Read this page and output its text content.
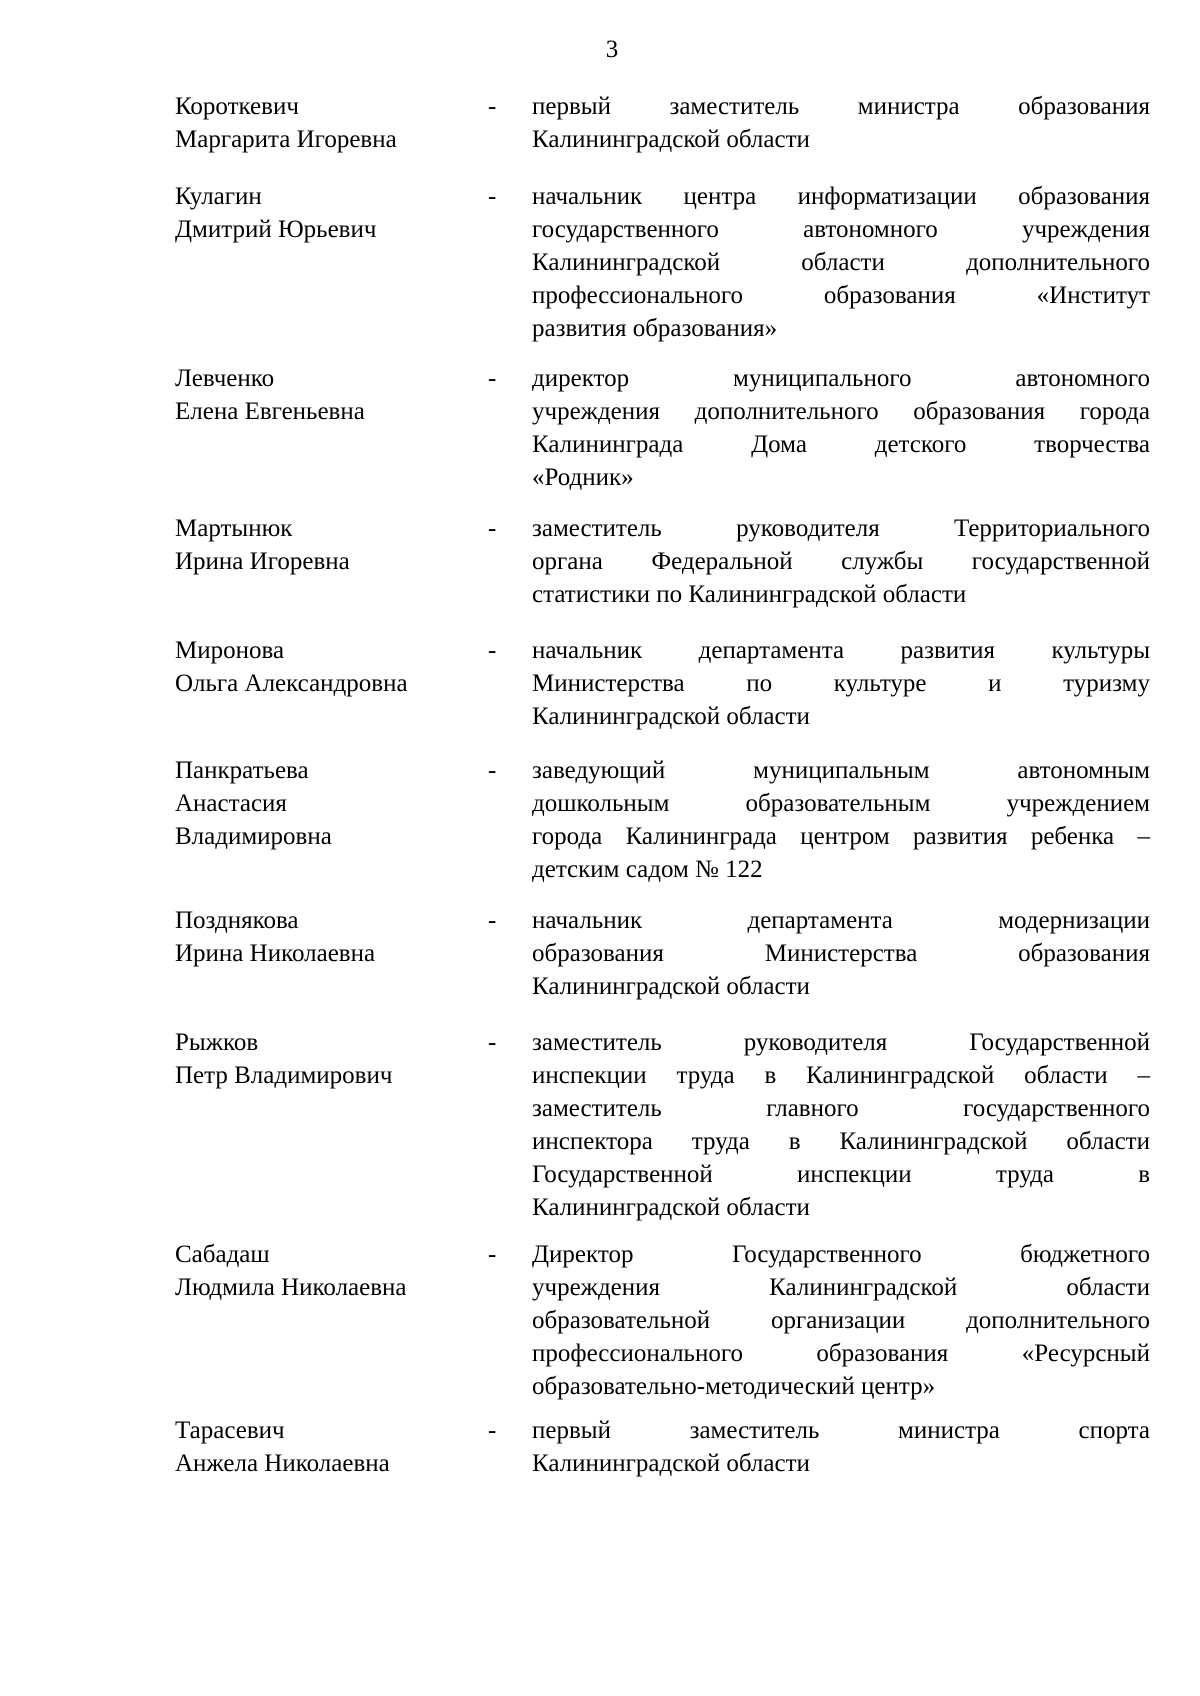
3
Короткевич
Маргарита Игоревна
-	первый заместитель министра образования
Калининградской области
Кулагин
Дмитрий Юрьевич
-	начальник центра информатизации образования
государственного автономного учреждения
Калининградской области дополнительного
профессионального образования «Институт
развития образования»
Левченко
Елена Евгеньевна
-	директор муниципального автономного
учреждения дополнительного образования города
Калининграда Дома детского творчества
«Родник»
Мартынюк
Ирина Игоревна
-	заместитель руководителя Территориального
органа Федеральной службы государственной
статистики по Калининградской области
Миронова
Ольга Александровна
-	начальник департамента развития культуры
Министерства по культуре и туризму
Калининградской области
Панкратьева
Анастасия
Владимировна
-	заведующий муниципальным автономным
дошкольным образовательным учреждением
города Калининграда центром развития ребенка –
детским садом № 122
Позднякова
Ирина Николаевна
-	начальник департамента модернизации
образования Министерства образования
Калининградской области
Рыжков
Петр Владимирович
-	заместитель руководителя Государственной
инспекции труда в Калининградской области –
заместитель главного государственного
инспектора труда в Калининградской области
Государственной инспекции труда в
Калининградской области
Сабадаш
Людмила Николаевна
-	Директор Государственного бюджетного
учреждения Калининградской области
образовательной организации дополнительного
профессионального образования «Ресурсный
образовательно-методический центр»
Тарасевич
Анжела Николаевна
-	первый заместитель министра спорта
Калининградской области
